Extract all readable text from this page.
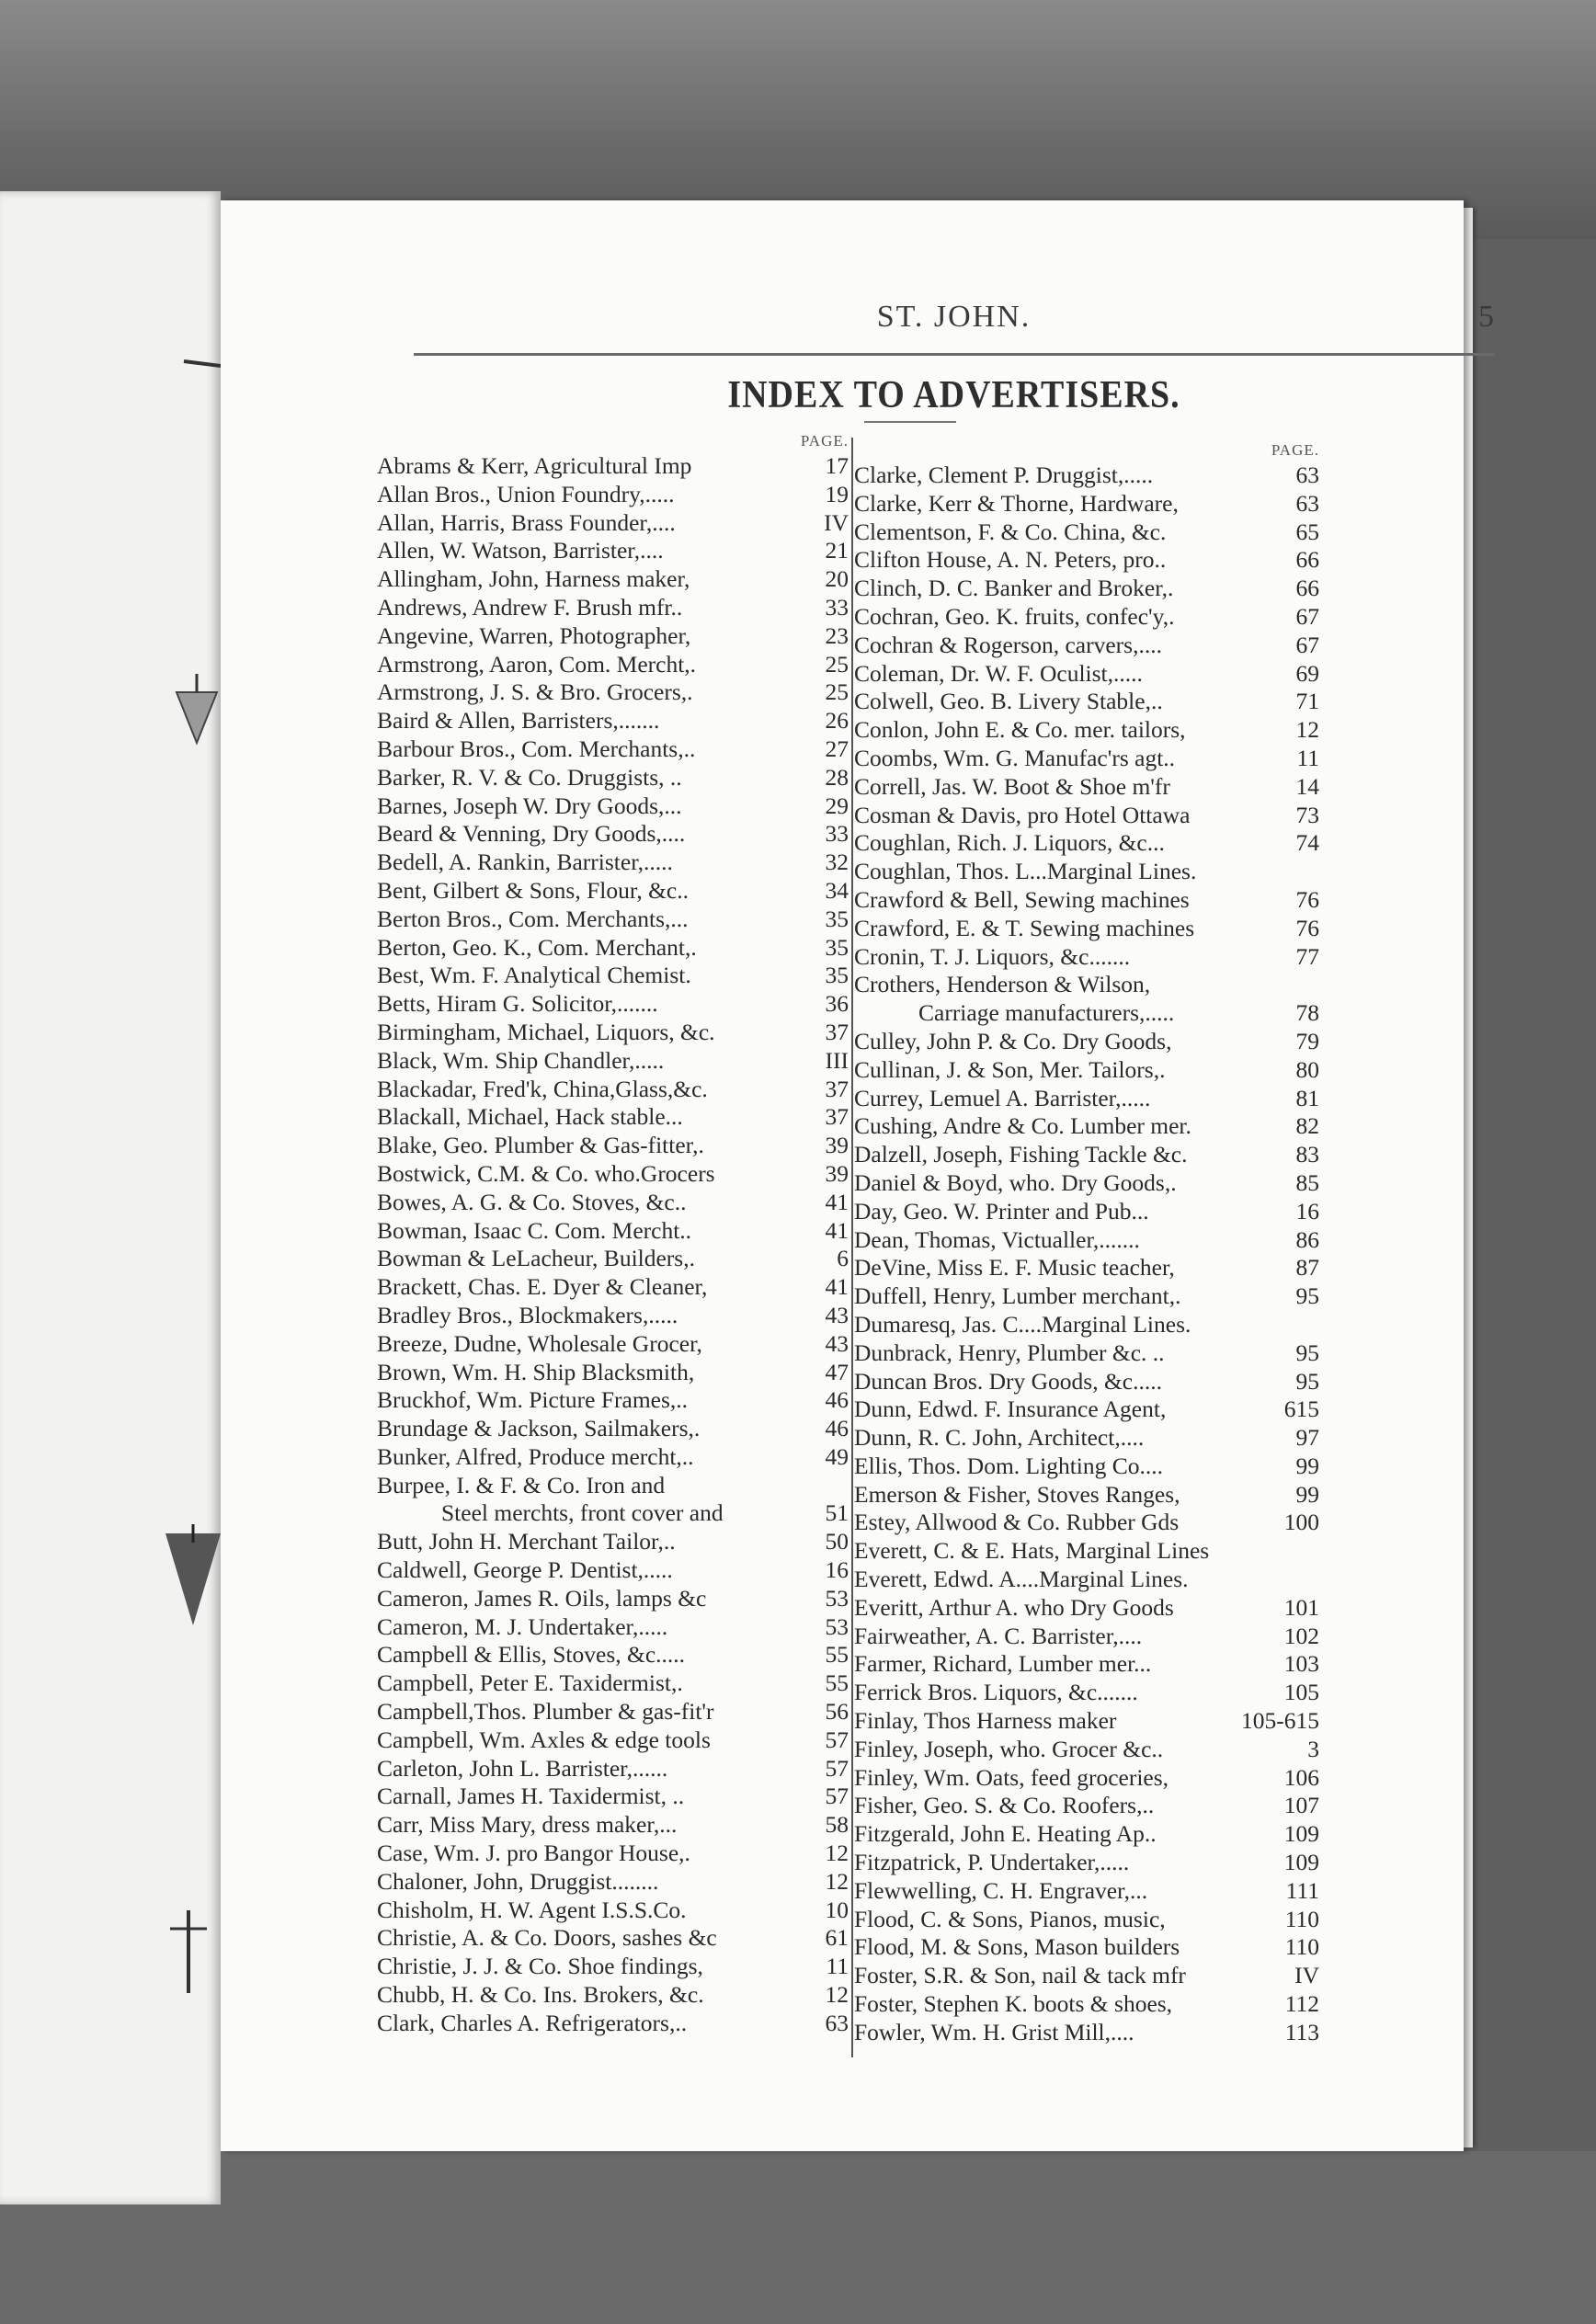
ST. JOHN.	5
INDEX TO ADVERTISERS.
PAGE.
Abrams & Kerr, Agricultural Imp	17
Allan Bros., Union Foundry,.....	19
Allan, Harris, Brass Founder,....	IV
Allen, W. Watson, Barrister,....	21
Allingham, John, Harness maker,	20
Andrews, Andrew F. Brush mfr..	33
Angevine, Warren, Photographer,	23
Armstrong, Aaron, Com. Mercht,.	25
Armstrong, J. S. & Bro. Grocers,.	25
Baird & Allen, Barristers,.......	26
Barbour Bros., Com. Merchants,..	27
Barker, R. V. & Co. Druggists, ..	28
Barnes, Joseph W. Dry Goods,...	29
Beard & Venning, Dry Goods,....	33
Bedell, A. Rankin, Barrister,.....	32
Bent, Gilbert & Sons, Flour, &c..	34
Berton Bros., Com. Merchants,...	35
Berton, Geo. K., Com. Merchant,.	35
Best, Wm. F. Analytical Chemist.	35
Betts, Hiram G. Solicitor,.......	36
Birmingham, Michael, Liquors, &c.	37
Black, Wm. Ship Chandler,.....	III
Blackadar, Fred'k, China,Glass,&c.	37
Blackall, Michael, Hack stable...	37
Blake, Geo. Plumber & Gas-fitter,.	39
Bostwick, C.M. & Co. who.Grocers	39
Bowes, A. G. & Co. Stoves, &c..	41
Bowman, Isaac C. Com. Mercht..	41
Bowman & LeLacheur, Builders,.	6
Brackett, Chas. E. Dyer & Cleaner,	41
Bradley Bros., Blockmakers,.....	43
Breeze, Dudne, Wholesale Grocer,	43
Brown, Wm. H. Ship Blacksmith,	47
Bruckhof, Wm. Picture Frames,..	46
Brundage & Jackson, Sailmakers,.	46
Bunker, Alfred, Produce mercht,..	49
Burpee, I. & F. & Co. Iron and
Steel merchts, front cover and	51
Butt, John H. Merchant Tailor,..	50
Caldwell, George P. Dentist,.....	16
Cameron, James R. Oils, lamps &c	53
Cameron, M. J. Undertaker,.....	53
Campbell & Ellis, Stoves, &c.....	55
Campbell, Peter E. Taxidermist,.	55
Campbell,Thos. Plumber & gas-fit'r	56
Campbell, Wm. Axles & edge tools	57
Carleton, John L. Barrister,......	57
Carnall, James H. Taxidermist, ..	57
Carr, Miss Mary, dress maker,...	58
Case, Wm. J. pro Bangor House,.	12
Chaloner, John, Druggist........	12
Chisholm, H. W. Agent I.S.S.Co.	10
Christie, A. & Co. Doors, sashes &c	61
Christie, J. J. & Co. Shoe findings,	11
Chubb, H. & Co. Ins. Brokers, &c.	12
Clark, Charles A. Refrigerators,..	63
PAGE.
Clarke, Clement P. Druggist,.....	63
Clarke, Kerr & Thorne, Hardware,	63
Clementson, F. & Co. China, &c.	65
Clifton House, A. N. Peters, pro..	66
Clinch, D. C. Banker and Broker,.	66
Cochran, Geo. K. fruits, confec'y,.	67
Cochran & Rogerson, carvers,....	67
Coleman, Dr. W. F. Oculist,.....	69
Colwell, Geo. B. Livery Stable,..	71
Conlon, John E. & Co. mer. tailors,	12
Coombs, Wm. G. Manufac'rs agt..	11
Correll, Jas. W. Boot & Shoe m'fr	14
Cosman & Davis, pro Hotel Ottawa	73
Coughlan, Rich. J. Liquors, &c...	74
Coughlan, Thos. L...Marginal Lines.
Crawford & Bell, Sewing machines	76
Crawford, E. & T. Sewing machines	76
Cronin, T. J. Liquors, &c.......	77
Crothers, Henderson & Wilson,
Carriage manufacturers,.....	78
Culley, John P. & Co. Dry Goods,	79
Cullinan, J. & Son, Mer. Tailors,.	80
Currey, Lemuel A. Barrister,.....	81
Cushing, Andre & Co. Lumber mer.	82
Dalzell, Joseph, Fishing Tackle &c.	83
Daniel & Boyd, who. Dry Goods,.	85
Day, Geo. W. Printer and Pub...	16
Dean, Thomas, Victualler,.......	86
DeVine, Miss E. F. Music teacher,	87
Duffell, Henry, Lumber merchant,.	95
Dumaresq, Jas. C....Marginal Lines.
Dunbrack, Henry, Plumber &c. ..	95
Duncan Bros. Dry Goods, &c.....	95
Dunn, Edwd. F. Insurance Agent,	615
Dunn, R. C. John, Architect,....	97
Ellis, Thos. Dom. Lighting Co....	99
Emerson & Fisher, Stoves Ranges,	99
Estey, Allwood & Co. Rubber Gds	100
Everett, C. & E. Hats, Marginal Lines
Everett, Edwd. A....Marginal Lines.
Everitt, Arthur A. who Dry Goods	101
Fairweather, A. C. Barrister,....	102
Farmer, Richard, Lumber mer...	103
Ferrick Bros. Liquors, &c.......	105
Finlay, Thos Harness maker	105-615
Finley, Joseph, who. Grocer &c..	3
Finley, Wm. Oats, feed groceries,	106
Fisher, Geo. S. & Co. Roofers,..	107
Fitzgerald, John E. Heating Ap..	109
Fitzpatrick, P. Undertaker,.....	109
Flewwelling, C. H. Engraver,...	111
Flood, C. & Sons, Pianos, music,	110
Flood, M. & Sons, Mason builders	110
Foster, S.R. & Son, nail & tack mfr	IV
Foster, Stephen K. boots & shoes,	112
Fowler, Wm. H. Grist Mill,....	113
